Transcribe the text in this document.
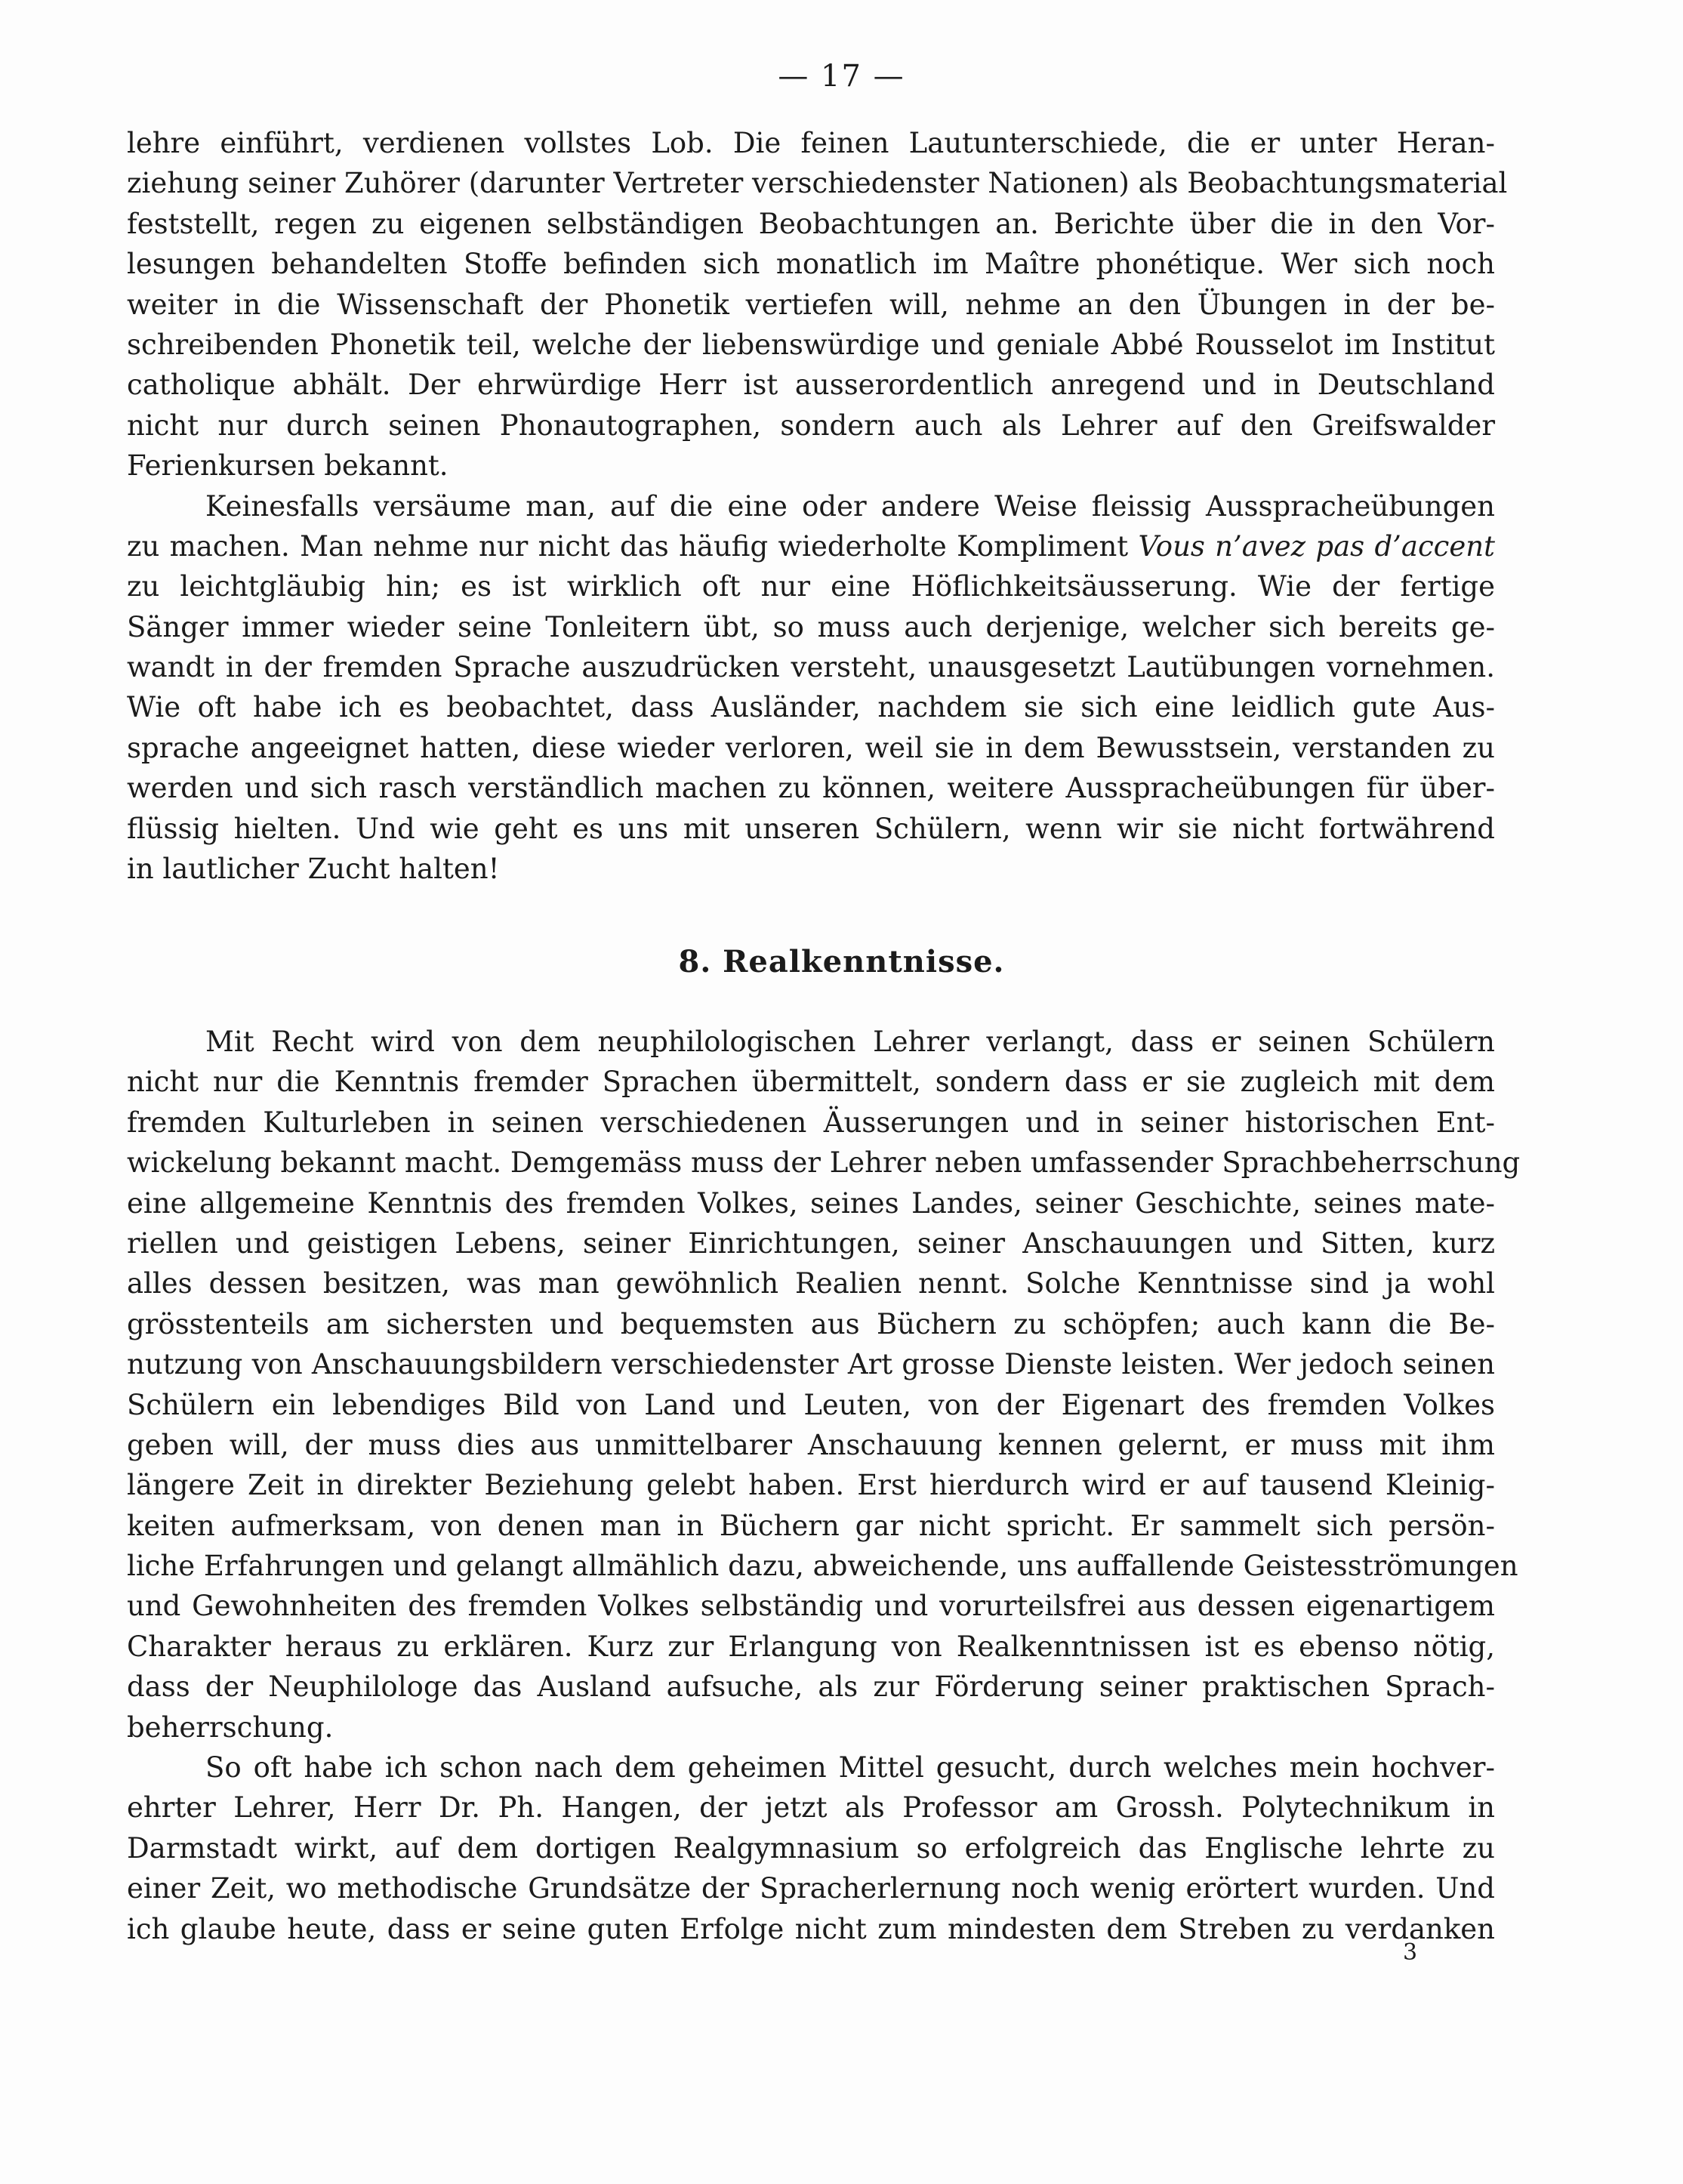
— 17 —
lehre einführt, verdienen vollstes Lob. Die feinen Lautunterschiede, die er unter Heran-
ziehung seiner Zuhörer (darunter Vertreter verschiedenster Nationen) als Beobachtungsmaterial
feststellt, regen zu eigenen selbständigen Beobachtungen an. Berichte über die in den Vor-
lesungen behandelten Stoffe befinden sich monatlich im Maître phonétique. Wer sich noch
weiter in die Wissenschaft der Phonetik vertiefen will, nehme an den Übungen in der be-
schreibenden Phonetik teil, welche der liebenswürdige und geniale Abbé Rousselot im Institut
catholique abhält. Der ehrwürdige Herr ist ausserordentlich anregend und in Deutschland
nicht nur durch seinen Phonautographen, sondern auch als Lehrer auf den Greifswalder
Ferienkursen bekannt.
Keinesfalls versäume man, auf die eine oder andere Weise fleissig Ausspracheübungen
zu machen. Man nehme nur nicht das häufig wiederholte Kompliment Vous n’avez pas d’accent
zu leichtgläubig hin; es ist wirklich oft nur eine Höflichkeitsäusserung. Wie der fertige
Sänger immer wieder seine Tonleitern übt, so muss auch derjenige, welcher sich bereits ge-
wandt in der fremden Sprache auszudrücken versteht, unausgesetzt Lautübungen vornehmen.
Wie oft habe ich es beobachtet, dass Ausländer, nachdem sie sich eine leidlich gute Aus-
sprache angeeignet hatten, diese wieder verloren, weil sie in dem Bewusstsein, verstanden zu
werden und sich rasch verständlich machen zu können, weitere Ausspracheübungen für über-
flüssig hielten. Und wie geht es uns mit unseren Schülern, wenn wir sie nicht fortwährend
in lautlicher Zucht halten!
8. Realkenntnisse.
Mit Recht wird von dem neuphilologischen Lehrer verlangt, dass er seinen Schülern
nicht nur die Kenntnis fremder Sprachen übermittelt, sondern dass er sie zugleich mit dem
fremden Kulturleben in seinen verschiedenen Äusserungen und in seiner historischen Ent-
wickelung bekannt macht. Demgemäss muss der Lehrer neben umfassender Sprachbeherrschung
eine allgemeine Kenntnis des fremden Volkes, seines Landes, seiner Geschichte, seines mate-
riellen und geistigen Lebens, seiner Einrichtungen, seiner Anschauungen und Sitten, kurz
alles dessen besitzen, was man gewöhnlich Realien nennt. Solche Kenntnisse sind ja wohl
grösstenteils am sichersten und bequemsten aus Büchern zu schöpfen; auch kann die Be-
nutzung von Anschauungsbildern verschiedenster Art grosse Dienste leisten. Wer jedoch seinen
Schülern ein lebendiges Bild von Land und Leuten, von der Eigenart des fremden Volkes
geben will, der muss dies aus unmittelbarer Anschauung kennen gelernt, er muss mit ihm
längere Zeit in direkter Beziehung gelebt haben. Erst hierdurch wird er auf tausend Kleinig-
keiten aufmerksam, von denen man in Büchern gar nicht spricht. Er sammelt sich persön-
liche Erfahrungen und gelangt allmählich dazu, abweichende, uns auffallende Geistesströmungen
und Gewohnheiten des fremden Volkes selbständig und vorurteilsfrei aus dessen eigenartigem
Charakter heraus zu erklären. Kurz zur Erlangung von Realkenntnissen ist es ebenso nötig,
dass der Neuphilologe das Ausland aufsuche, als zur Förderung seiner praktischen Sprach-
beherrschung.
So oft habe ich schon nach dem geheimen Mittel gesucht, durch welches mein hochver-
ehrter Lehrer, Herr Dr. Ph. Hangen, der jetzt als Professor am Grossh. Polytechnikum in
Darmstadt wirkt, auf dem dortigen Realgymnasium so erfolgreich das Englische lehrte zu
einer Zeit, wo methodische Grundsätze der Spracherlernung noch wenig erörtert wurden. Und
ich glaube heute, dass er seine guten Erfolge nicht zum mindesten dem Streben zu verdanken
3
